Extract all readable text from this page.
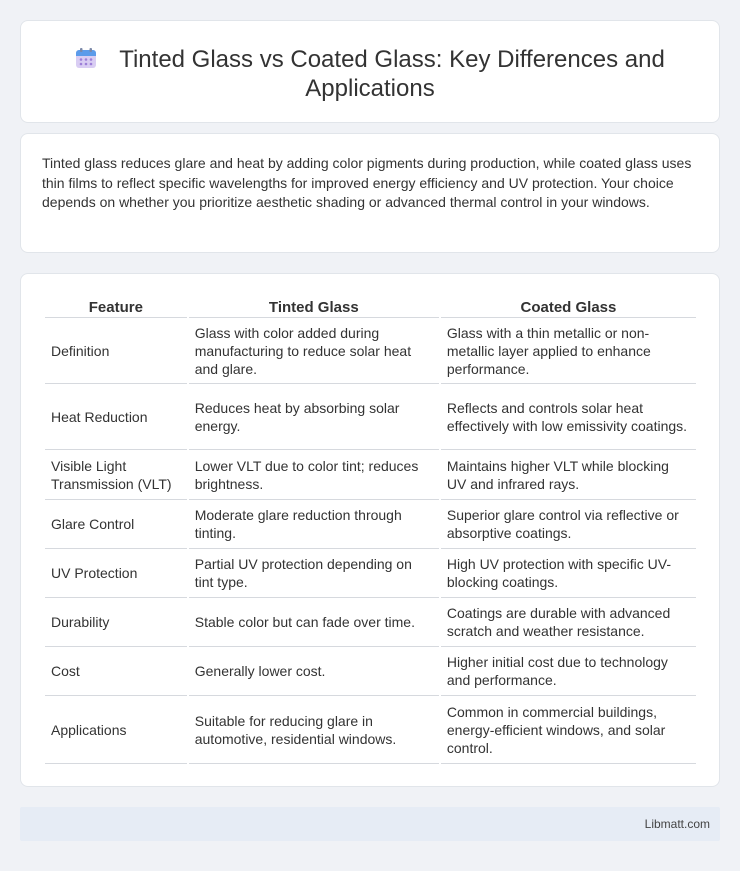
Tinted Glass vs Coated Glass: Key Differences and Applications

Tinted glass reduces glare and heat by adding color pigments during production, while coated glass uses thin films to reflect specific wavelengths for improved energy efficiency and UV protection. Your choice depends on whether you prioritize aesthetic shading or advanced thermal control in your windows.

Feature	Tinted Glass	Coated Glass
Definition	Glass with color added during manufacturing to reduce solar heat and glare.	Glass with a thin metallic or non-metallic layer applied to enhance performance.
Heat Reduction	Reduces heat by absorbing solar energy.	Reflects and controls solar heat effectively with low emissivity coatings.
Visible Light Transmission (VLT)	Lower VLT due to color tint; reduces brightness.	Maintains higher VLT while blocking UV and infrared rays.
Glare Control	Moderate glare reduction through tinting.	Superior glare control via reflective or absorptive coatings.
UV Protection	Partial UV protection depending on tint type.	High UV protection with specific UV-blocking coatings.
Durability	Stable color but can fade over time.	Coatings are durable with advanced scratch and weather resistance.
Cost	Generally lower cost.	Higher initial cost due to technology and performance.
Applications	Suitable for reducing glare in automotive, residential windows.	Common in commercial buildings, energy-efficient windows, and solar control.
Libmatt.com
